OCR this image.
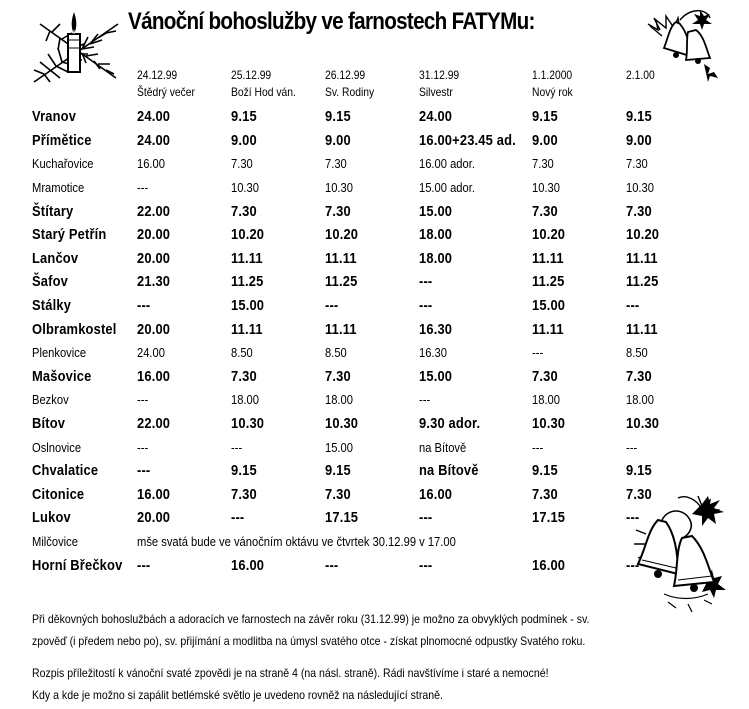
Vánoční bohoslužby ve farnostech FATYMu:
	24.12.99	25.12.99	26.12.99	31.12.99	1.1.2000	2.1.00
	Štědrý večer	Boží Hod ván.	Sv. Rodiny	Silvestr	Nový rok	
Vranov	24.00	9.15	9.15	24.00	9.15	9.15
Přímětice	24.00	9.00	9.00	16.00+23.45 ad.	9.00	9.00
Kuchařovice	16.00	7.30	7.30	16.00 ador.	7.30	7.30
Mramotice	---	10.30	10.30	15.00 ador.	10.30	10.30
Štítary	22.00	7.30	7.30	15.00	7.30	7.30
Starý Petřín	20.00	10.20	10.20	18.00	10.20	10.20
Lančov	20.00	11.11	11.11	18.00	11.11	11.11
Šafov	21.30	11.25	11.25	---	11.25	11.25
Stálky	---	15.00	---	---	15.00	---
Olbramkostel	20.00	11.11	11.11	16.30	11.11	11.11
Plenkovice	24.00	8.50	8.50	16.30	---	8.50
Mašovice	16.00	7.30	7.30	15.00	7.30	7.30
Bezkov	---	18.00	18.00	---	18.00	18.00
Bítov	22.00	10.30	10.30	9.30 ador.	10.30	10.30
Oslnovice	---	---	15.00	na Bítově	---	---
Chvalatice	---	9.15	9.15	na Bítově	9.15	9.15
Citonice	16.00	7.30	7.30	16.00	7.30	7.30
Lukov	20.00	---	17.15	---	17.15	---
Milčovice	mše svatá bude ve vánočním oktávu ve čtvrtek 30.12.99 v 17.00					
Horní Břečkov	---	16.00	---	---	16.00	---
Při děkovných bohoslužbách a adoracích ve farnostech na závěr roku (31.12.99) je možno za obvyklých podmínek - sv.
zpověď (i předem nebo po), sv. přijímání a modlitba na úmysl svatého otce - získat plnomocné odpustky Svatého roku.
Rozpis příležitostí k vánoční svaté zpovědi je na straně 4 (na násl. straně). Rádi navštívíme i staré a nemocné!
Kdy a kde je možno si zapálit betlémské světlo je uvedeno rovněž na následující straně.
